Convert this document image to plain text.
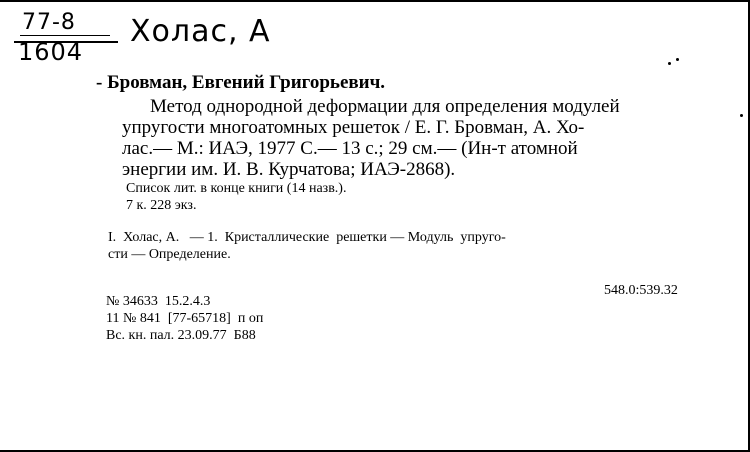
77-8
1604
Холас, А
- Бровман, Евгений Григорьевич.
Метод однородной деформации для определения модулей
упругости многоатомных решеток / Е. Г. Бровман, А. Хо-
лас.— М.: ИАЭ, 1977 С.— 13 с.; 29 см.— (Ин-т атомной
энергии им. И. В. Курчатова; ИАЭ-2868).
Список лит. в конце книги (14 назв.).
7 к. 228 экз.
I.  Холас, А.   — 1.  Кристаллические  решетки — Модуль  упруго-
сти — Определение.
548.0:539.32
№ 34633  15.2.4.3
11 № 841  [77-65718]  п оп
Вс. кн. пал. 23.09.77  Б88
